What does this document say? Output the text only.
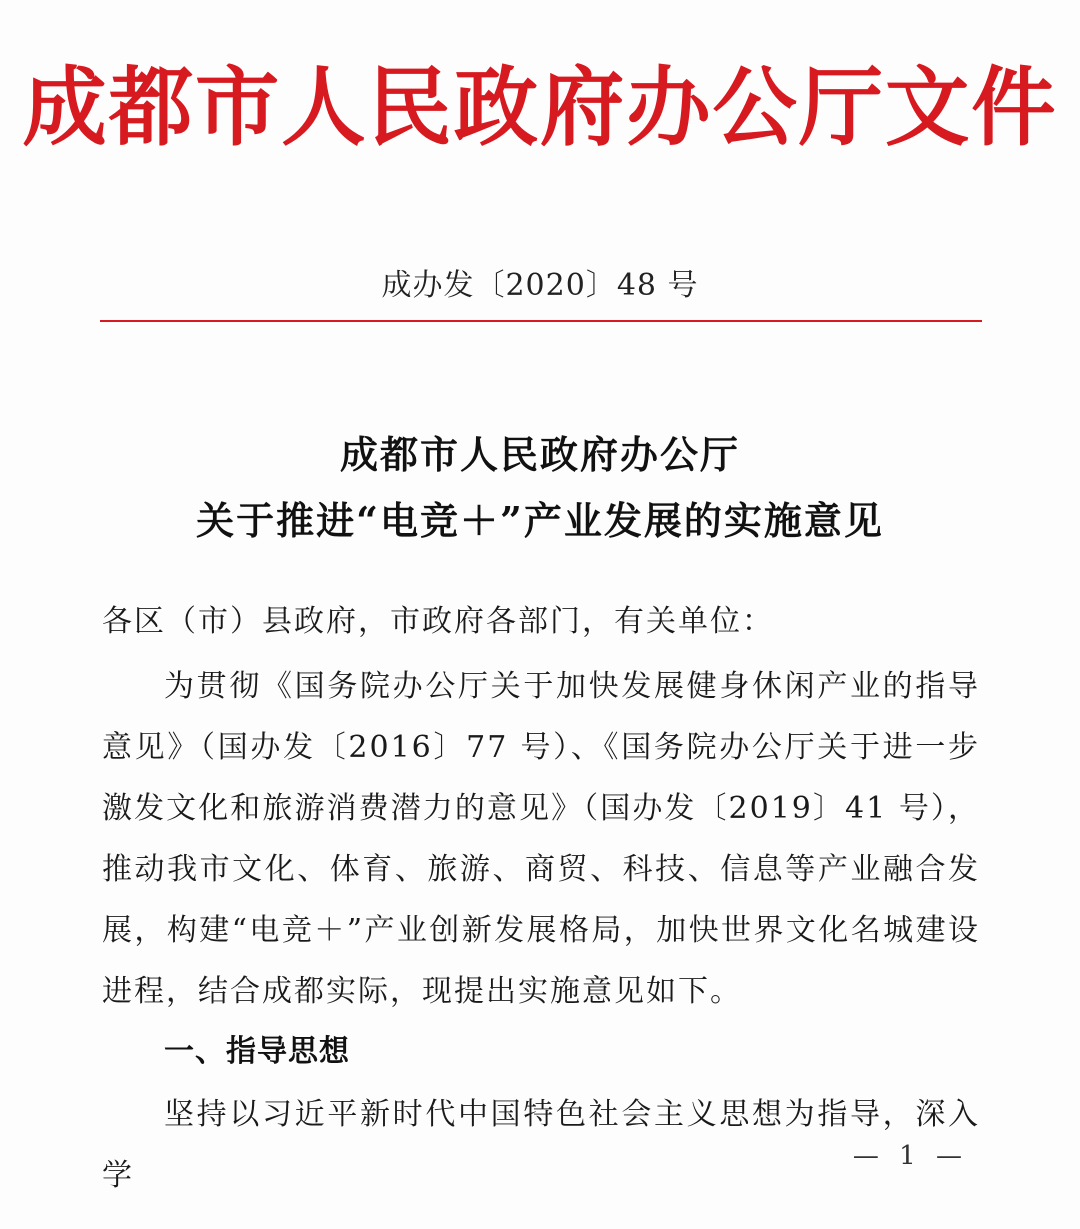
成都市人民政府办公厅文件
成办发〔2020〕48 号
成都市人民政府办公厅
关于推进“电竞＋”产业发展的实施意见
各区（市）县政府，市政府各部门，有关单位：

为贯彻《国务院办公厅关于加快发展健身休闲产业的指导意见》（国办发〔2016〕77 号）、《国务院办公厅关于进一步激发文化和旅游消费潜力的意见》（国办发〔2019〕41 号），推动我市文化、体育、旅游、商贸、科技、信息等产业融合发展，构建“电竞＋”产业创新发展格局，加快世界文化名城建设进程，结合成都实际，现提出实施意见如下。

一、指导思想

坚持以习近平新时代中国特色社会主义思想为指导，深入学

— 1 —
